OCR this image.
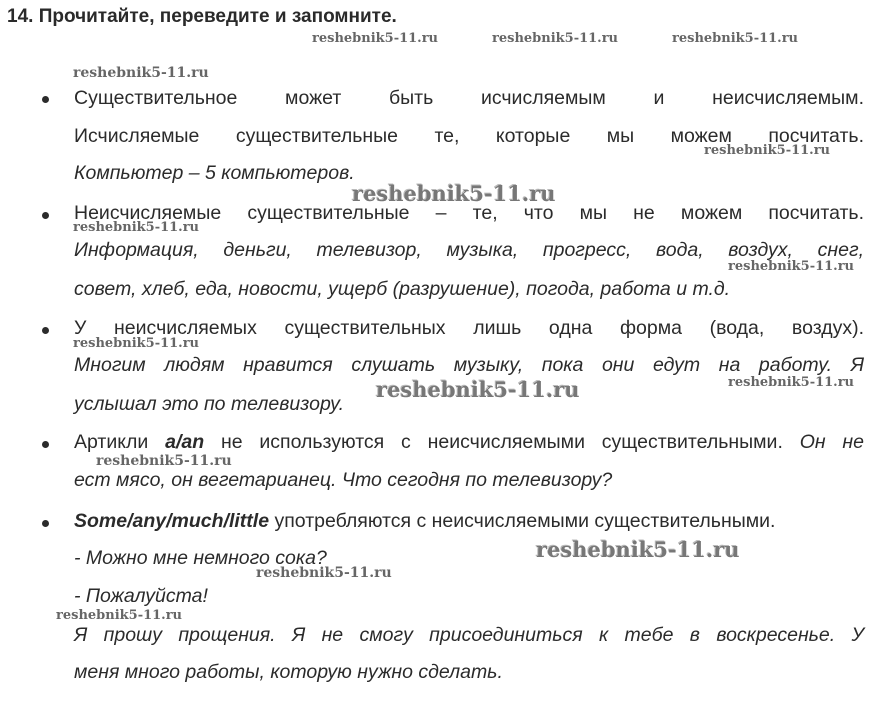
14. Прочитайте, переведите и запомните.
Существительное может быть исчисляемым и неисчисляемым.
Исчисляемые существительные те, которые мы можем посчитать.
Компьютер – 5 компьютеров.
Неисчисляемые существительные – те, что мы не можем посчитать.
Информация, деньги, телевизор, музыка, прогресс, вода, воздух, снег,
совет, хлеб, еда, новости, ущерб (разрушение), погода, работа и т.д.
У неисчисляемых существительных лишь одна форма (вода, воздух).
Многим людям нравится слушать музыку, пока они едут на работу. Я
услышал это по телевизору.
Артикли a/an не используются с неисчисляемыми существительными. Он не
ест мясо, он вегетарианец. Что сегодня по телевизору?
Some/any/much/little употребляются с неисчисляемыми существительными.
- Можно мне немного сока?
- Пожалуйста!
Я прошу прощения. Я не смогу присоединиться к тебе в воскресенье. У
меня много работы, которую нужно сделать.
reshebnik5-11.ru	reshebnik5-11.ru	reshebnik5-11.ru
reshebnik5-11.ru
reshebnik5-11.ru
reshebnik5-11.ru
reshebnik5-11.ru
reshebnik5-11.ru
reshebnik5-11.ru
reshebnik5-11.ru	reshebnik5-11.ru
reshebnik5-11.ru
reshebnik5-11.ru
reshebnik5-11.ru
reshebnik5-11.ru
